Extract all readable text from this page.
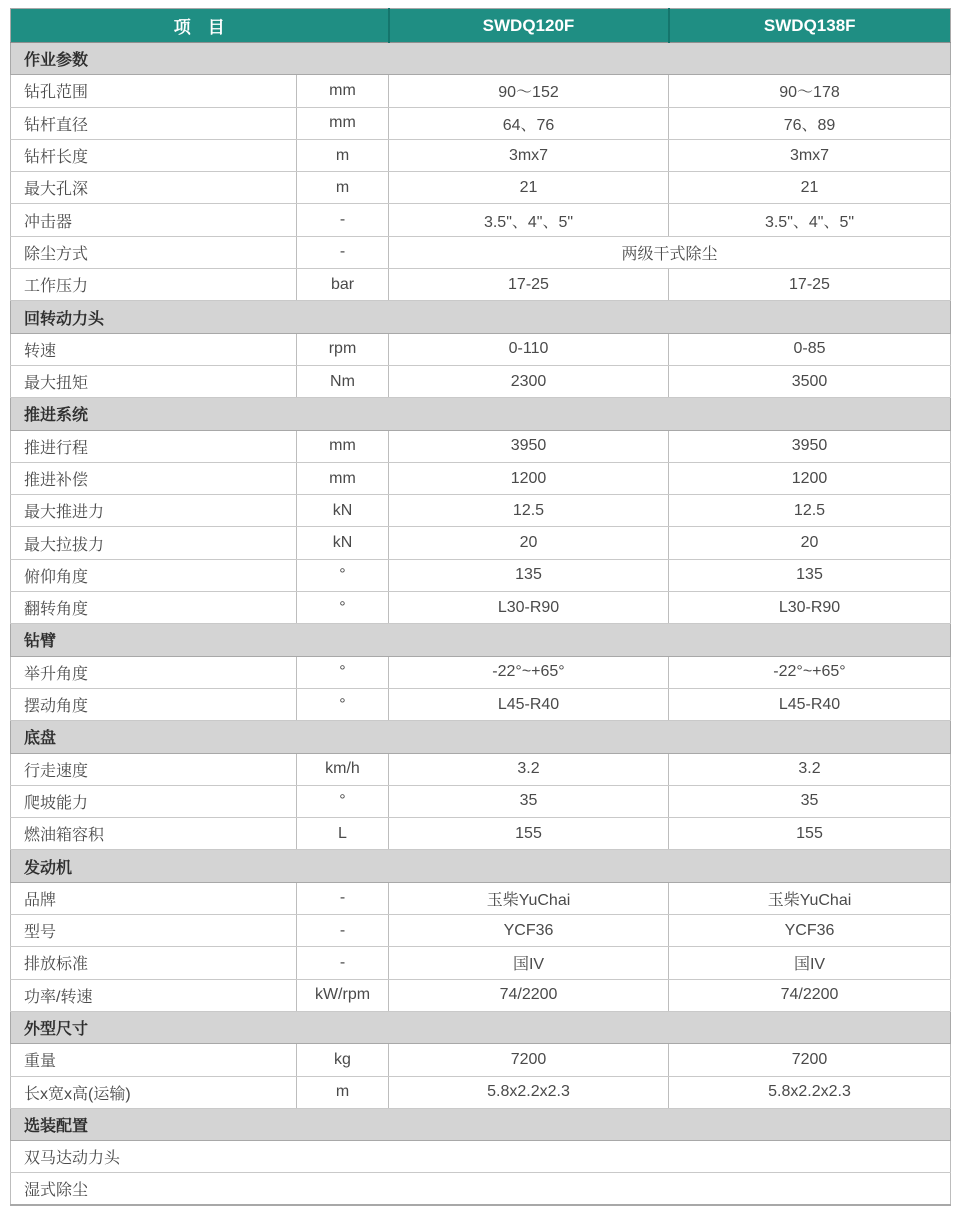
项　目		SWDQ120F	SWDQ138F
作业参数			
钻孔范围	mm	90～152	90～178
钻杆直径	mm	64、76	76、89
钻杆长度	m	3mx7	3mx7
最大孔深	m	21	21
冲击器	-	3.5"、4"、5"	3.5"、4"、5"
除尘方式	-	两级干式除尘	
工作压力	bar	17-25	17-25
回转动力头			
转速	rpm	0-110	0-85
最大扭矩	Nm	2300	3500
推进系统			
推进行程	mm	3950	3950
推进补偿	mm	1200	1200
最大推进力	kN	12.5	12.5
最大拉拔力	kN	20	20
俯仰角度	°	135	135
翻转角度	°	L30-R90	L30-R90
钻臂			
举升角度	°	-22°~+65°	-22°~+65°
摆动角度	°	L45-R40	L45-R40
底盘			
行走速度	km/h	3.2	3.2
爬坡能力	°	35	35
燃油箱容积	L	155	155
发动机			
品牌	-	玉柴YuChai	玉柴YuChai
型号	-	YCF36	YCF36
排放标准	-	国IV	国IV
功率/转速	kW/rpm	74/2200	74/2200
外型尺寸			
重量	kg	7200	7200
长x宽x高(运输)	m	5.8x2.2x2.3	5.8x2.2x2.3
选装配置			
双马达动力头			
湿式除尘			
